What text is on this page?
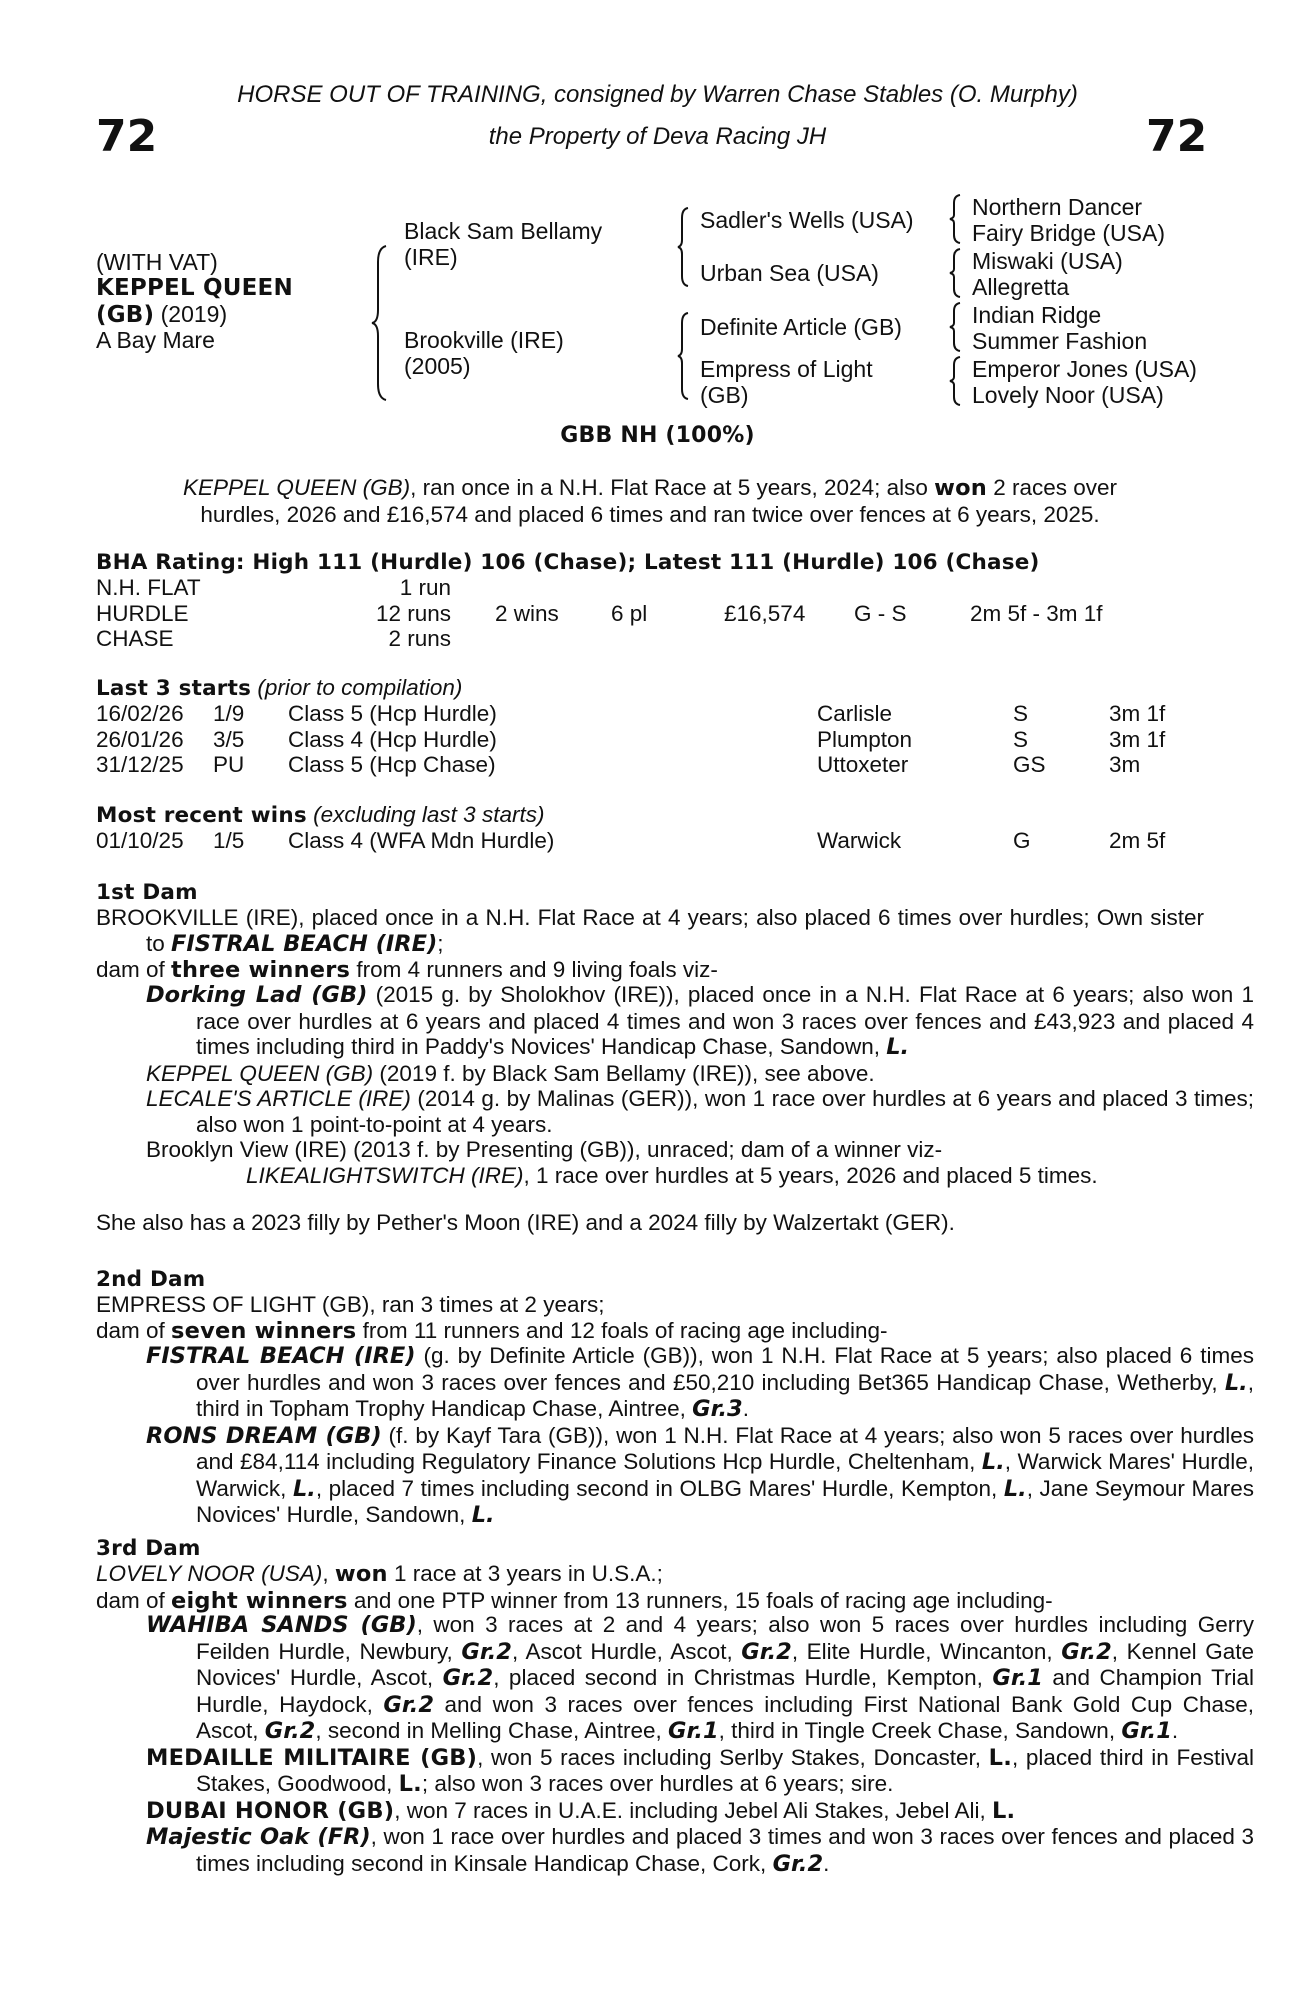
HORSE OUT OF TRAINING, consigned by Warren Chase Stables (O. Murphy)
the Property of Deva Racing JH
72	72
(WITH VAT)
KEPPEL QUEEN
(GB) (2019)
A Bay Mare
Black Sam Bellamy
(IRE)
Brookville (IRE)
(2005)
Sadler's Wells (USA)
Urban Sea (USA)
Definite Article (GB)
Empress of Light
(GB)
Northern Dancer
Fairy Bridge (USA)
Miswaki (USA)
Allegretta
Indian Ridge
Summer Fashion
Emperor Jones (USA)
Lovely Noor (USA)
GBB NH (100%)
KEPPEL QUEEN (GB), ran once in a N.H. Flat Race at 5 years, 2024; also won 2 races over
hurdles, 2026 and £16,574 and placed 6 times and ran twice over fences at 6 years, 2025.
BHA Rating: High 111 (Hurdle) 106 (Chase); Latest 111 (Hurdle) 106 (Chase)
N.H. FLAT	1 run
HURDLE	12 runs 2 wins 6 pl	£16,574 G - S	2m 5f - 3m 1f
CHASE	2 runs
Last 3 starts (prior to compilation)
16/02/26 1/9 Class 5 (Hcp Hurdle)	Carlisle	S	3m 1f
26/01/26 3/5 Class 4 (Hcp Hurdle)	Plumpton	S	3m 1f
31/12/25 PU Class 5 (Hcp Chase)	Uttoxeter	GS	3m
Most recent wins (excluding last 3 starts)
01/10/25 1/5 Class 4 (WFA Mdn Hurdle)	Warwick	G	2m 5f
1st Dam

BROOKVILLE (IRE), placed once in a N.H. Flat Race at 4 years; also placed 6 times over hurdles; Own sister to FISTRAL BEACH (IRE);

dam of three winners from 4 runners and 9 living foals viz-

Dorking Lad (GB) (2015 g. by Sholokhov (IRE)), placed once in a N.H. Flat Race at 6 years; also won 1 race over hurdles at 6 years and placed 4 times and won 3 races over fences and £43,923 and placed 4 times including third in Paddy's Novices' Handicap Chase, Sandown, L.

KEPPEL QUEEN (GB) (2019 f. by Black Sam Bellamy (IRE)), see above.

LECALE'S ARTICLE (IRE) (2014 g. by Malinas (GER)), won 1 race over hurdles at 6 years and placed 3 times; also won 1 point-to-point at 4 years.

Brooklyn View (IRE) (2013 f. by Presenting (GB)), unraced; dam of a winner viz-

LIKEALIGHTSWITCH (IRE), 1 race over hurdles at 5 years, 2026 and placed 5 times.

She also has a 2023 filly by Pether's Moon (IRE) and a 2024 filly by Walzertakt (GER).
2nd Dam

EMPRESS OF LIGHT (GB), ran 3 times at 2 years;

dam of seven winners from 11 runners and 12 foals of racing age including-

FISTRAL BEACH (IRE) (g. by Definite Article (GB)), won 1 N.H. Flat Race at 5 years; also placed 6 times over hurdles and won 3 races over fences and £50,210 including Bet365 Handicap Chase, Wetherby, L., third in Topham Trophy Handicap Chase, Aintree, Gr.3.

RONS DREAM (GB) (f. by Kayf Tara (GB)), won 1 N.H. Flat Race at 4 years; also won 5 races over hurdles and £84,114 including Regulatory Finance Solutions Hcp Hurdle, Cheltenham, L., Warwick Mares' Hurdle, Warwick, L., placed 7 times including second in OLBG Mares' Hurdle, Kempton, L., Jane Seymour Mares Novices' Hurdle, Sandown, L.

3rd Dam

LOVELY NOOR (USA), won 1 race at 3 years in U.S.A.;

dam of eight winners and one PTP winner from 13 runners, 15 foals of racing age including-

WAHIBA SANDS (GB), won 3 races at 2 and 4 years; also won 5 races over hurdles including Gerry Feilden Hurdle, Newbury, Gr.2, Ascot Hurdle, Ascot, Gr.2, Elite Hurdle, Wincanton, Gr.2, Kennel Gate Novices' Hurdle, Ascot, Gr.2, placed second in Christmas Hurdle, Kempton, Gr.1 and Champion Trial Hurdle, Haydock, Gr.2 and won 3 races over fences including First National Bank Gold Cup Chase, Ascot, Gr.2, second in Melling Chase, Aintree, Gr.1, third in Tingle Creek Chase, Sandown, Gr.1.

MEDAILLE MILITAIRE (GB), won 5 races including Serlby Stakes, Doncaster, L., placed third in Festival Stakes, Goodwood, L.; also won 3 races over hurdles at 6 years; sire.

DUBAI HONOR (GB), won 7 races in U.A.E. including Jebel Ali Stakes, Jebel Ali, L.

Majestic Oak (FR), won 1 race over hurdles and placed 3 times and won 3 races over fences and placed 3 times including second in Kinsale Handicap Chase, Cork, Gr.2.
